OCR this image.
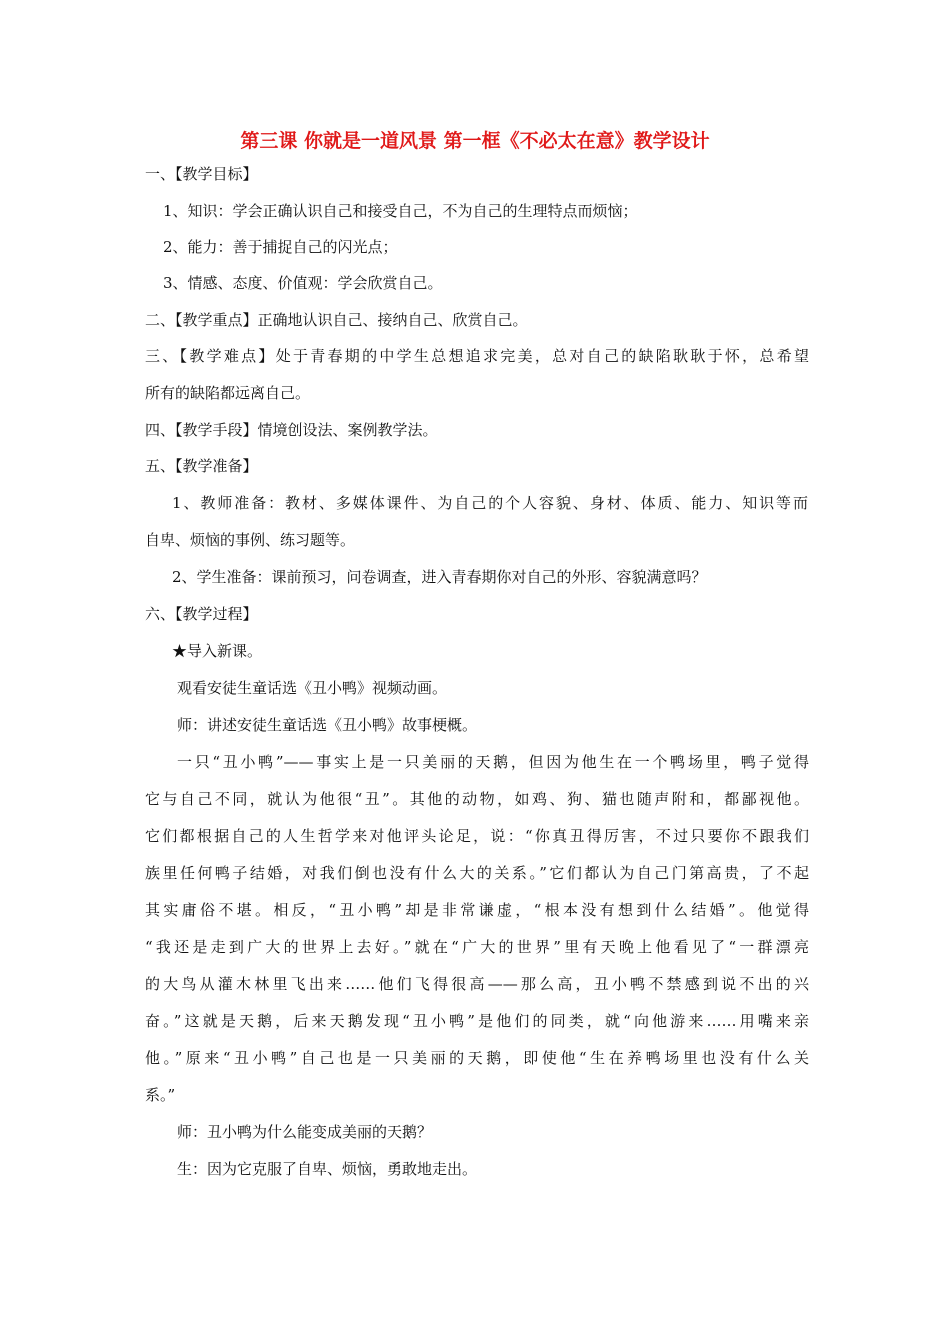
第三课 你就是一道风景 第一框《不必太在意》教学设计
一、【教学目标】
1、知识：学会正确认识自己和接受自己，不为自己的生理特点而烦恼；
2、能力：善于捕捉自己的闪光点；
3、情感、态度、价值观：学会欣赏自己。
二、【教学重点】正确地认识自己、接纳自己、欣赏自己。
三、【教学难点】处于青春期的中学生总想追求完美，总对自己的缺陷耿耿于怀，总希望
所有的缺陷都远离自己。
四、【教学手段】情境创设法、案例教学法。
五、【教学准备】
1、教师准备：教材、多媒体课件、为自己的个人容貌、身材、体质、能力、知识等而
自卑、烦恼的事例、练习题等。
2、学生准备：课前预习，问卷调查，进入青春期你对自己的外形、容貌满意吗？
六、【教学过程】
★导入新课。
观看安徒生童话选《丑小鸭》视频动画。
师：讲述安徒生童话选《丑小鸭》故事梗概。
一只“丑小鸭”——事实上是一只美丽的天鹅，但因为他生在一个鸭场里，鸭子觉得
它与自己不同，就认为他很“丑”。其他的动物，如鸡、狗、猫也随声附和，都鄙视他。
它们都根据自己的人生哲学来对他评头论足，说：“你真丑得厉害，不过只要你不跟我们
族里任何鸭子结婚，对我们倒也没有什么大的关系。”它们都认为自己门第高贵，了不起
其实庸俗不堪。相反，“丑小鸭”却是非常谦虚，“根本没有想到什么结婚”。他觉得
“我还是走到广大的世界上去好。”就在“广大的世界”里有天晚上他看见了“一群漂亮
的大鸟从灌木林里飞出来……他们飞得很高——那么高，丑小鸭不禁感到说不出的兴
奋。”这就是天鹅，后来天鹅发现“丑小鸭”是他们的同类，就“向他游来……用嘴来亲
他。”原来“丑小鸭”自己也是一只美丽的天鹅，即使他“生在养鸭场里也没有什么关
系。”
师：丑小鸭为什么能变成美丽的天鹅？
生：因为它克服了自卑、烦恼，勇敢地走出。
